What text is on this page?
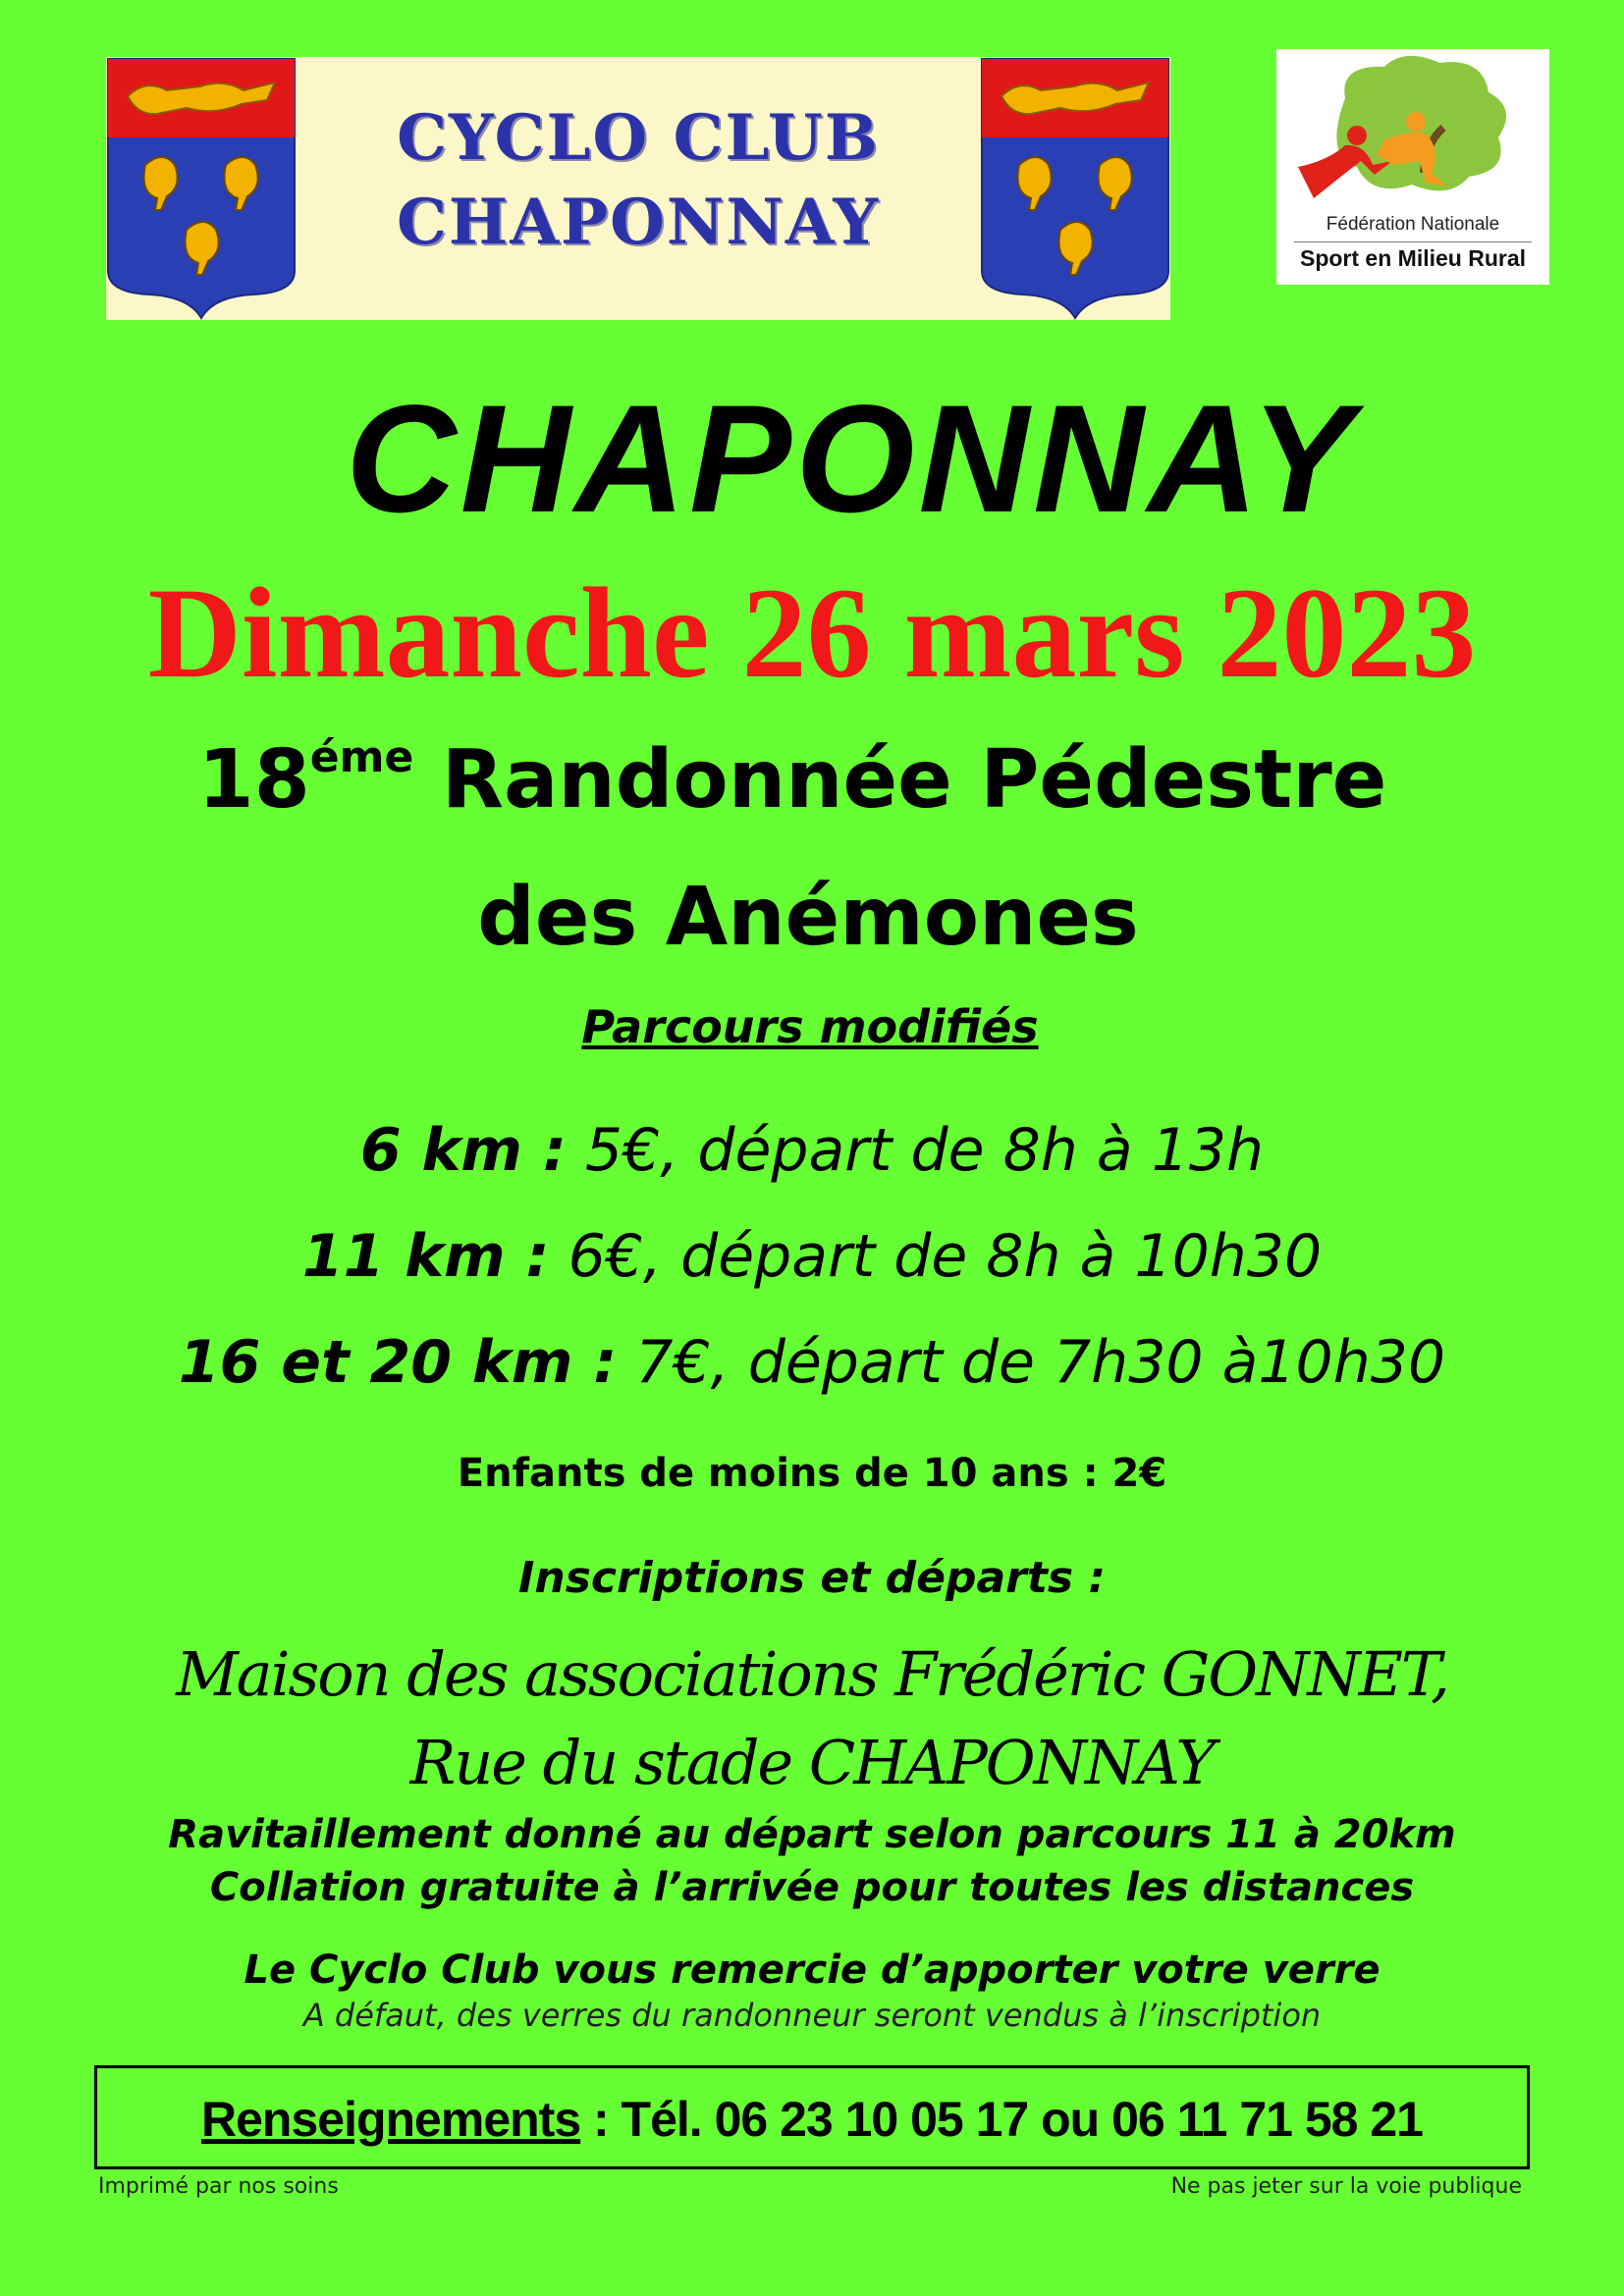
CYCLO CLUB
CHAPONNAY	Fédération Nationale
Sport en Milieu Rural
CHAPONNAY
Dimanche 26 mars 2023
$18^{éme}$ Randonnée Pédestre
des Anémones
Parcours modifiés
6 km : 5€, départ de 8h à 13h
11 km : 6€, départ de 8h à 10h30
16 et 20 km : 7€, départ de 7h30 à10h30
Enfants de moins de 10 ans : 2€
Inscriptions et départs :
Maison des associations Frédéric GONNET,
Rue du stade CHAPONNAY
Ravitaillement donné au départ selon parcours 11 à 20km
Collation gratuite à l’arrivée pour toutes les distances
Le Cyclo Club vous remercie d’apporter votre verre
A défaut, des verres du randonneur seront vendus à l’inscription
Renseignements : Tél. 06 23 10 05 17 ou 06 11 71 58 21
Imprimé par nos soins	Ne pas jeter sur la voie publique
